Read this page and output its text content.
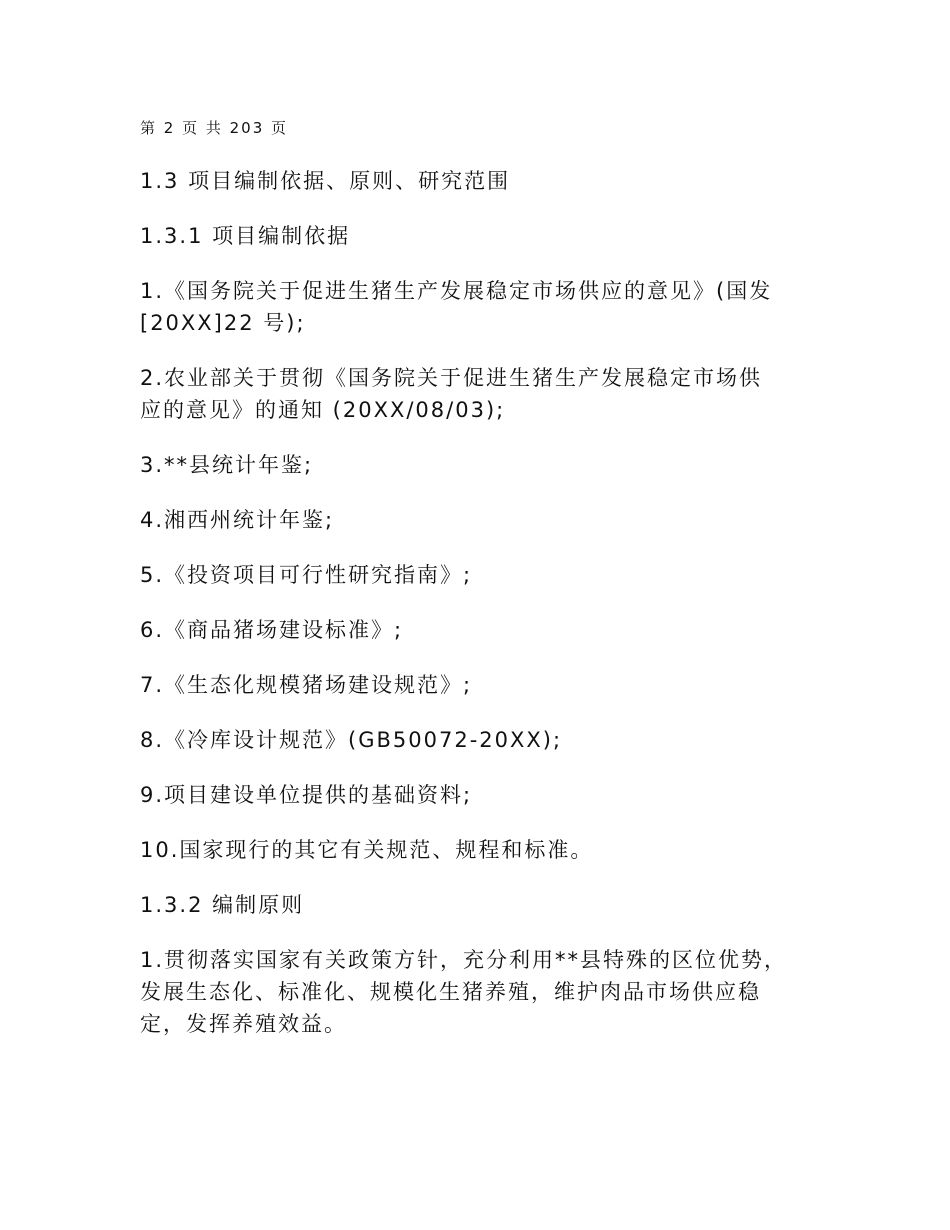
第 2 页 共 203 页

1.3 项目编制依据、原则、研究范围

1.3.1 项目编制依据

1.《国务院关于促进生猪生产发展稳定市场供应的意见》(国发
[20XX]22 号);

2.农业部关于贯彻《国务院关于促进生猪生产发展稳定市场供
应的意见》的通知 (20XX/08/03);

3.**县统计年鉴;

4.湘西州统计年鉴;

5.《投资项目可行性研究指南》;

6.《商品猪场建设标准》;

7.《生态化规模猪场建设规范》;

8.《冷库设计规范》(GB50072-20XX);

9.项目建设单位提供的基础资料;

10.国家现行的其它有关规范、规程和标准。

1.3.2 编制原则

1.贯彻落实国家有关政策方针，充分利用**县特殊的区位优势，
发展生态化、标准化、规模化生猪养殖，维护肉品市场供应稳
定，发挥养殖效益。
